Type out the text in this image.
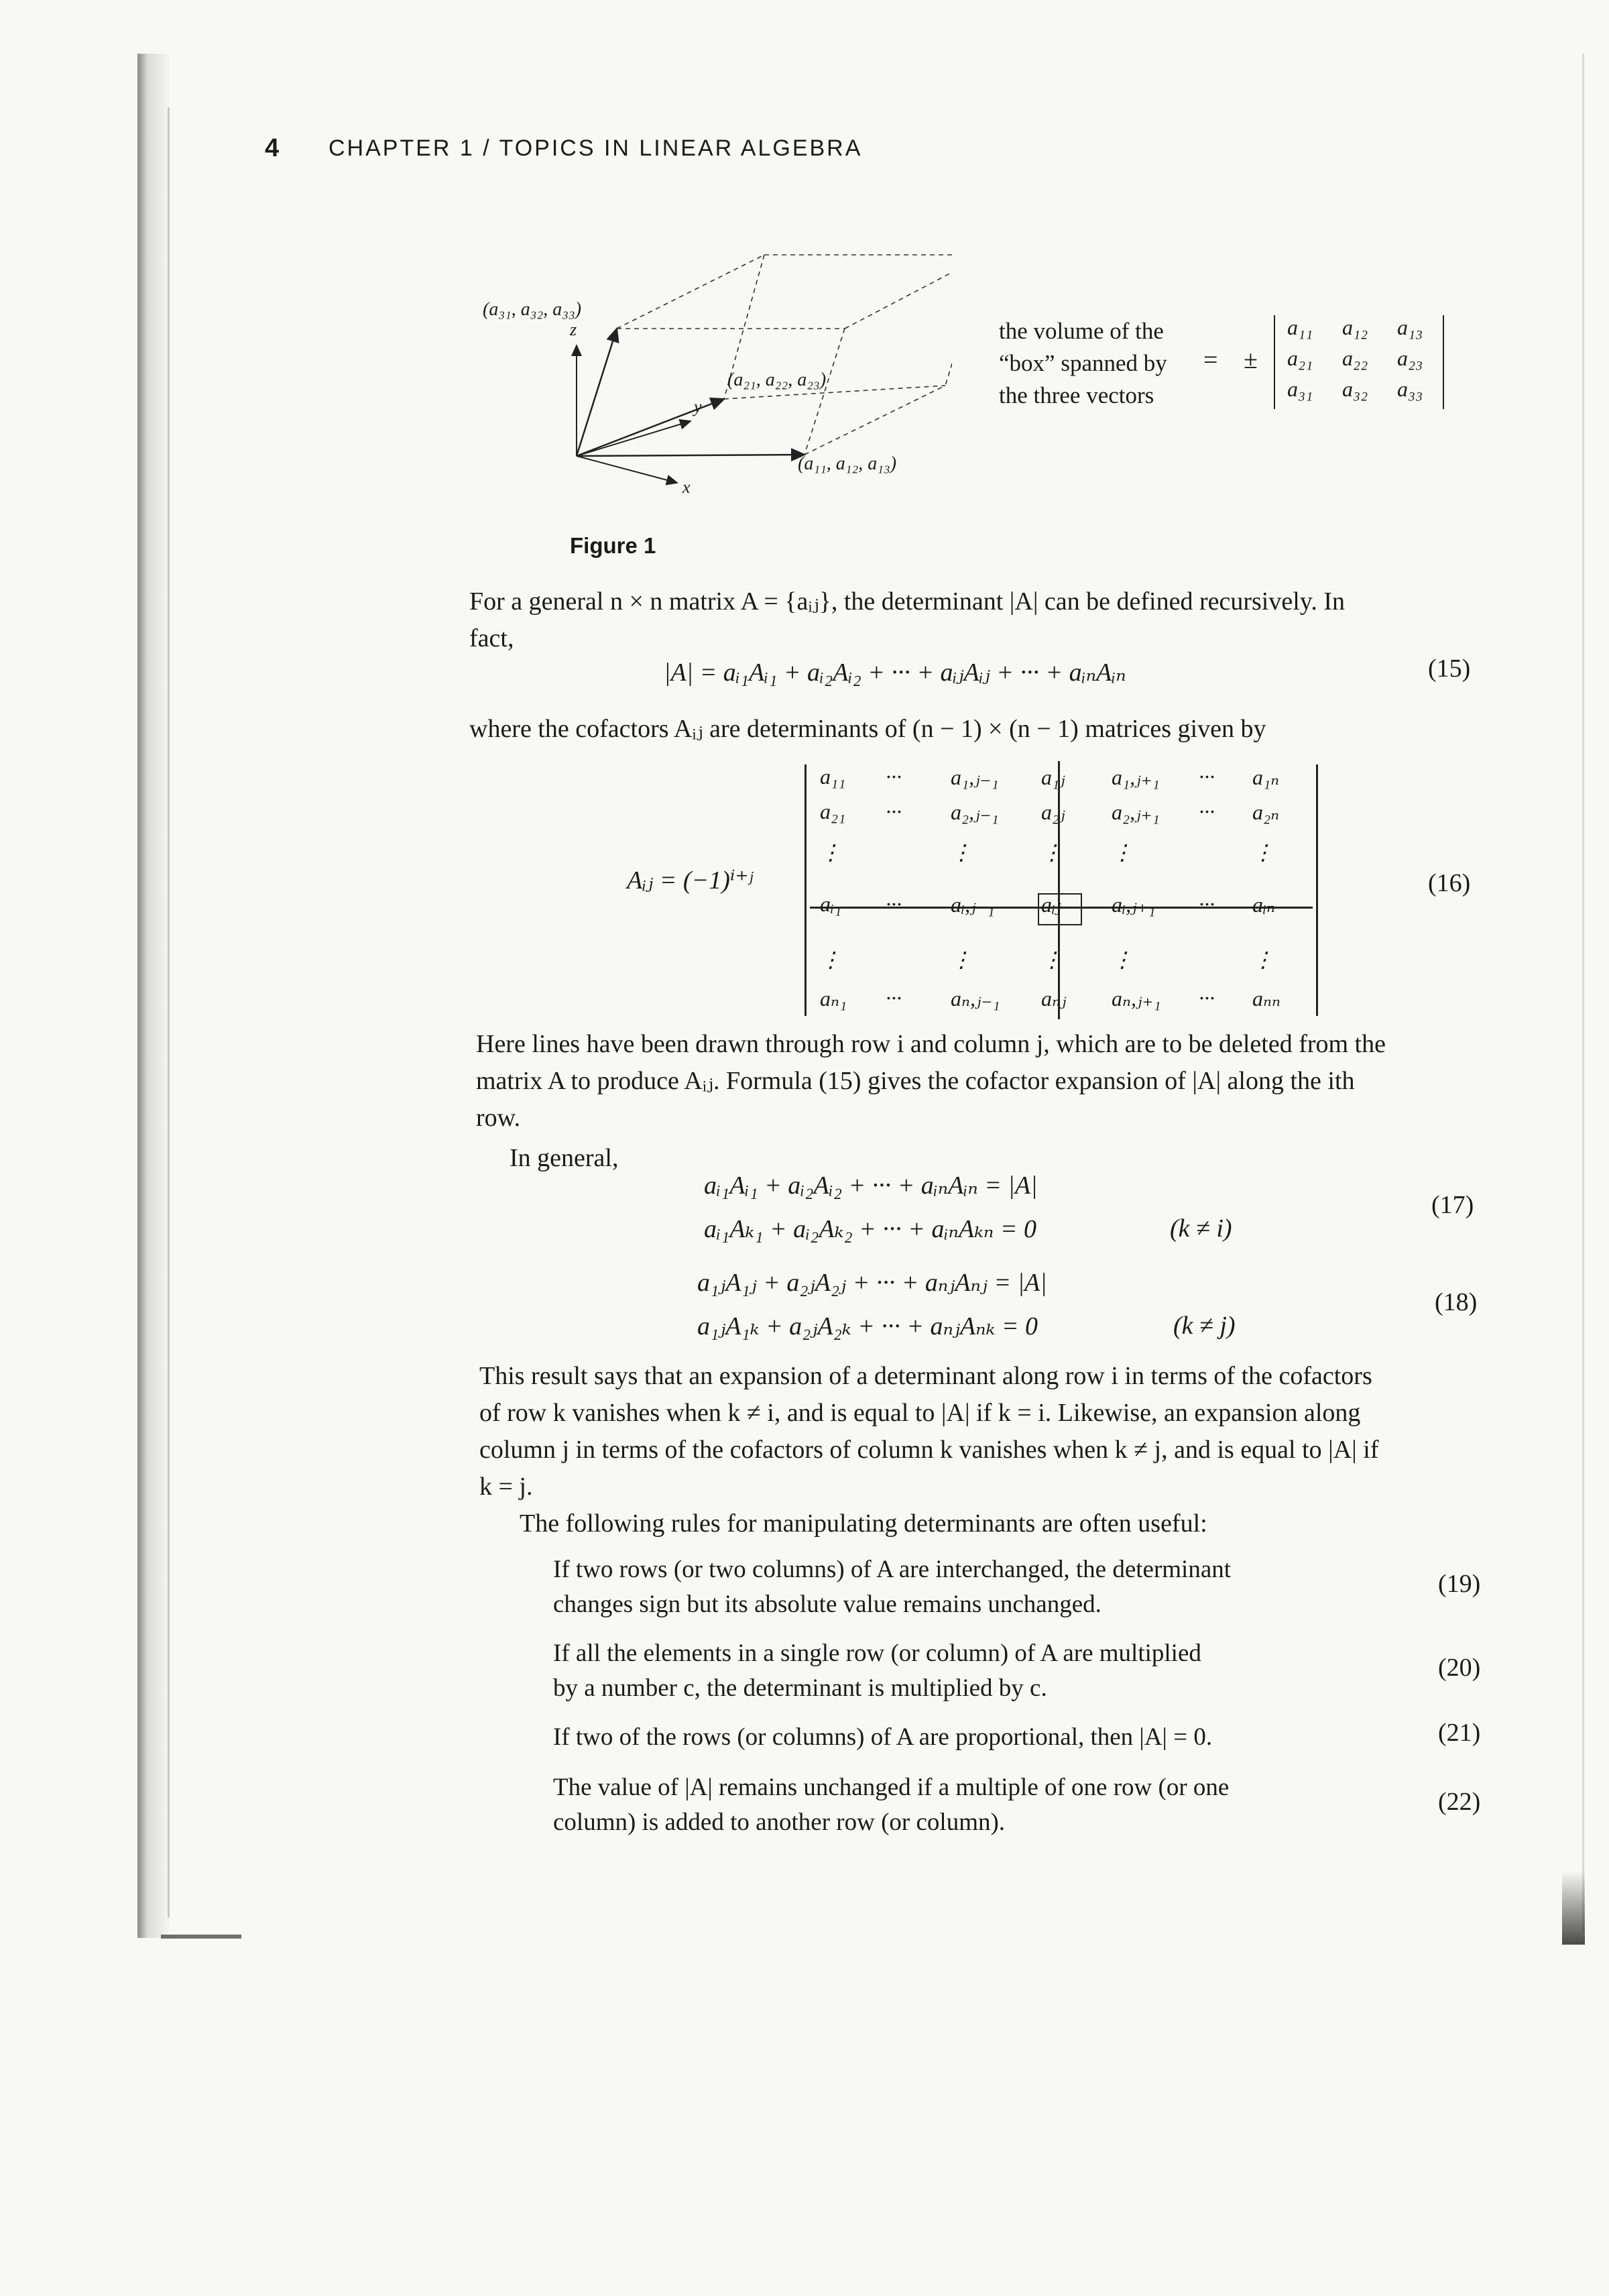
4 CHAPTER 1 / TOPICS IN LINEAR ALGEBRA
(a₃₁, a₃₂, a₃₃)
(a₂₁, a₂₂, a₂₃)
(a₁₁, a₁₂, a₁₃)
z
y
x
Figure 1
the volume of the
“box” spanned by
the three vectors
= ±
a₁₁ a₁₂ a₁₃
a₂₁ a₂₂ a₂₃
a₃₁ a₃₂ a₃₃
For a general n × n matrix A = {aᵢⱼ}, the determinant |A| can be defined recursively. In
fact,
|A| = aᵢ₁Aᵢ₁ + aᵢ₂Aᵢ₂ + ··· + aᵢⱼAᵢⱼ + ··· + aᵢₙAᵢₙ	(15)
where the cofactors Aᵢⱼ are determinants of (n − 1) × (n − 1) matrices given by
Aᵢⱼ = (−1)ⁱ⁺ʲ	(16)
a₁₁ ··· a₁,ⱼ₋₁ a₁ⱼ a₁,ⱼ₊₁ ··· a₁ₙ
a₂₁ ··· a₂,ⱼ₋₁ a₂ⱼ a₂,ⱼ₊₁ ··· a₂ₙ
⋮	⋮	⋮ ⋮	⋮
aᵢ₁ ··· aᵢ,ⱼ₋₁ aᵢⱼ aᵢ,ⱼ₊₁ ··· aᵢₙ
⋮	⋮	⋮ ⋮	⋮
aₙ₁ ··· aₙ,ⱼ₋₁ aₙⱼ aₙ,ⱼ₊₁ ··· aₙₙ
Here lines have been drawn through row i and column j, which are to be deleted from the
matrix A to produce Aᵢⱼ. Formula (15) gives the cofactor expansion of |A| along the ith
row.
In general,
aᵢ₁Aᵢ₁ + aᵢ₂Aᵢ₂ + ··· + aᵢₙAᵢₙ = |A|
aᵢ₁Aₖ₁ + aᵢ₂Aₖ₂ + ··· + aᵢₙAₖₙ = 0	(k ≠ i)
(17)
a₁ⱼA₁ⱼ + a₂ⱼA₂ⱼ + ··· + aₙⱼAₙⱼ = |A|
a₁ⱼA₁ₖ + a₂ⱼA₂ₖ + ··· + aₙⱼAₙₖ = 0	(k ≠ j)
(18)
This result says that an expansion of a determinant along row i in terms of the cofactors
of row k vanishes when k ≠ i, and is equal to |A| if k = i. Likewise, an expansion along
column j in terms of the cofactors of column k vanishes when k ≠ j, and is equal to |A| if
k = j.
The following rules for manipulating determinants are often useful:
If two rows (or two columns) of A are interchanged, the determinant
changes sign but its absolute value remains unchanged.
(19)
If all the elements in a single row (or column) of A are multiplied
by a number c, the determinant is multiplied by c.
(20)
If two of the rows (or columns) of A are proportional, then |A| = 0.	(21)
The value of |A| remains unchanged if a multiple of one row (or one
column) is added to another row (or column).
(22)
